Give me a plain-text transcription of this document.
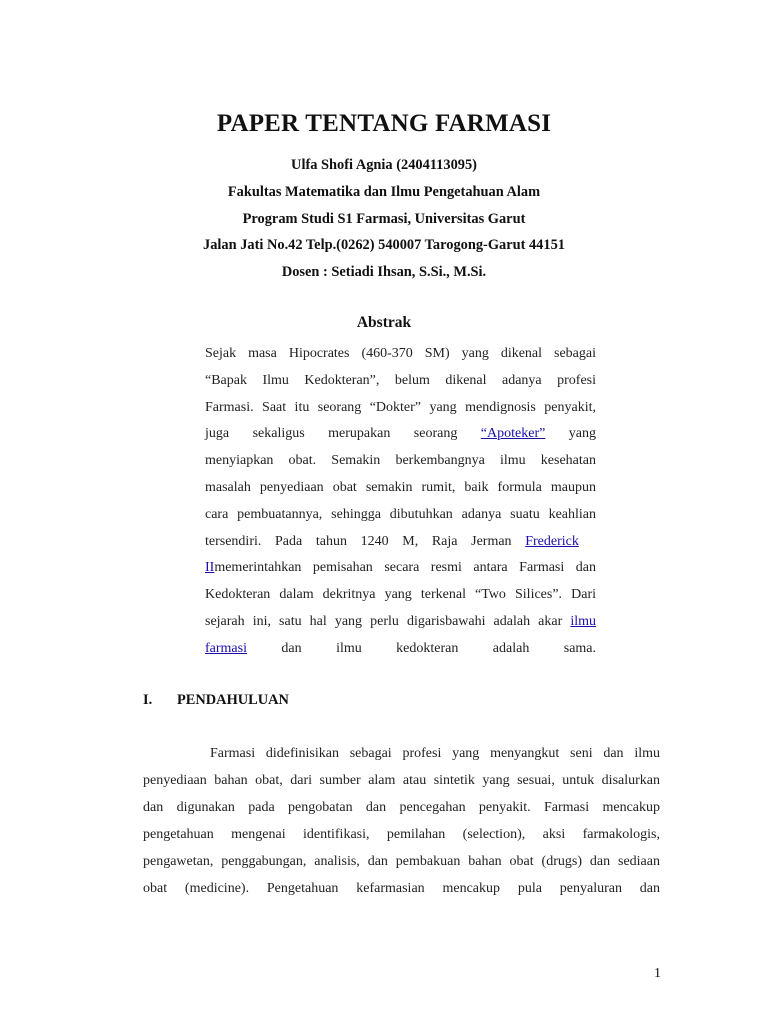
PAPER TENTANG FARMASI
Ulfa Shofi Agnia (2404113095)
Fakultas Matematika dan Ilmu Pengetahuan Alam
Program Studi S1 Farmasi, Universitas Garut
Jalan Jati No.42 Telp.(0262) 540007 Tarogong-Garut 44151
Dosen : Setiadi Ihsan, S.Si., M.Si.
Abstrak
Sejak masa Hipocrates (460-370 SM) yang dikenal sebagai
“Bapak Ilmu Kedokteran”, belum dikenal adanya profesi
Farmasi. Saat itu seorang “Dokter” yang mendignosis penyakit,
juga sekaligus merupakan seorang “Apoteker” yang
menyiapkan obat. Semakin berkembangnya ilmu kesehatan
masalah penyediaan obat semakin rumit, baik formula maupun
cara pembuatannya, sehingga dibutuhkan adanya suatu keahlian
tersendiri. Pada tahun 1240 M, Raja Jerman Frederick
IImemerintahkan pemisahan secara resmi antara Farmasi dan
Kedokteran dalam dekritnya yang terkenal “Two Silices”. Dari
sejarah ini, satu hal yang perlu digarisbawahi adalah akar ilmu
farmasi dan ilmu kedokteran adalah sama.
I. PENDAHULUAN
Farmasi didefinisikan sebagai profesi yang menyangkut seni dan ilmu
penyediaan bahan obat, dari sumber alam atau sintetik yang sesuai, untuk disalurkan
dan digunakan pada pengobatan dan pencegahan penyakit. Farmasi mencakup
pengetahuan mengenai identifikasi, pemilahan (selection), aksi farmakologis,
pengawetan, penggabungan, analisis, dan pembakuan bahan obat (drugs) dan sediaan
obat (medicine). Pengetahuan kefarmasian mencakup pula penyaluran dan
1
